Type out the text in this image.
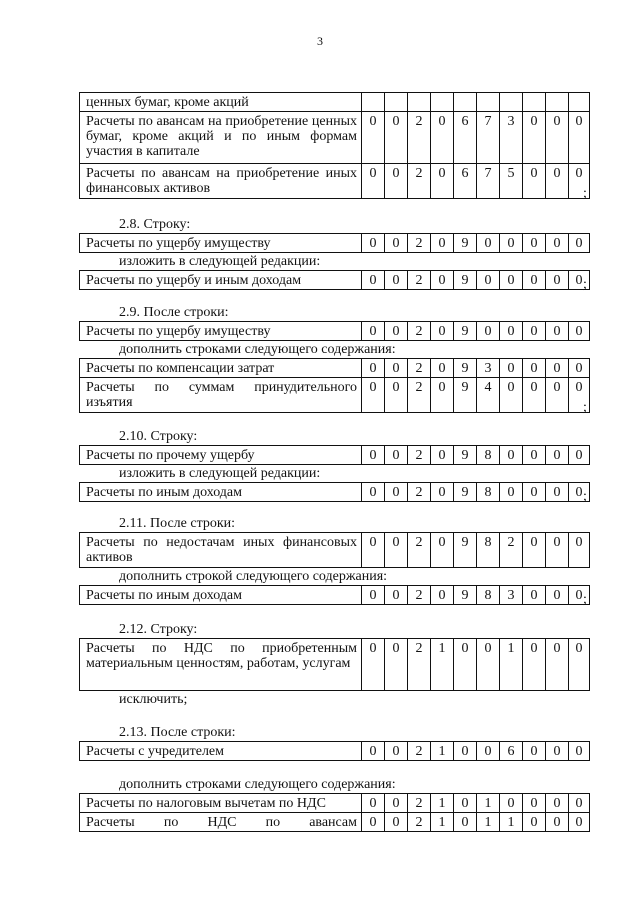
3
ценных бумаг, кроме акций										
Расчеты по авансам на приобретение ценных бумаг, кроме акций и по иным формам участия в капитале	0	0	2	0	6	7	3	0	0	0
Расчеты по авансам на приобретение иных финансовых активов	0	0	2	0	6	7	5	0	0	0
;
2.8. Строку:
Расчеты по ущербу имуществу	0	0	2	0	9	0	0	0	0	0
изложить в следующей редакции:
Расчеты по ущербу и иным доходам	0	0	2	0	9	0	0	0	0	0 ;
2.9. После строки:
Расчеты по ущербу имуществу	0	0	2	0	9	0	0	0	0	0
дополнить строками следующего содержания:
Расчеты по компенсации затрат	0	0	2	0	9	3	0	0	0	0
Расчеты по суммам принудительного изъятия	0	0	2	0	9	4	0	0	0	0
;
2.10. Строку:
Расчеты по прочему ущербу	0	0	2	0	9	8	0	0	0	0
изложить в следующей редакции:
Расчеты по иным доходам	0	0	2	0	9	8	0	0	0	0 ;
2.11. После строки:
Расчеты по недостачам иных финансовых активов	0	0	2	0	9	8	2	0	0	0
дополнить строкой следующего содержания:
Расчеты по иным доходам	0	0	2	0	9	8	3	0	0	0 ;
2.12. Строку:
Расчеты по НДС по приобретенным материальным ценностям, работам, услугам	0	0	2	1	0	0	1	0	0	0
исключить;
2.13. После строки:
Расчеты с учредителем	0	0	2	1	0	0	6	0	0	0
дополнить строками следующего содержания:
Расчеты по налоговым вычетам по НДС	0	0	2	1	0	1	0	0	0	0
Расчеты по НДС по авансам	0	0	2	1	0	1	1	0	0	0
